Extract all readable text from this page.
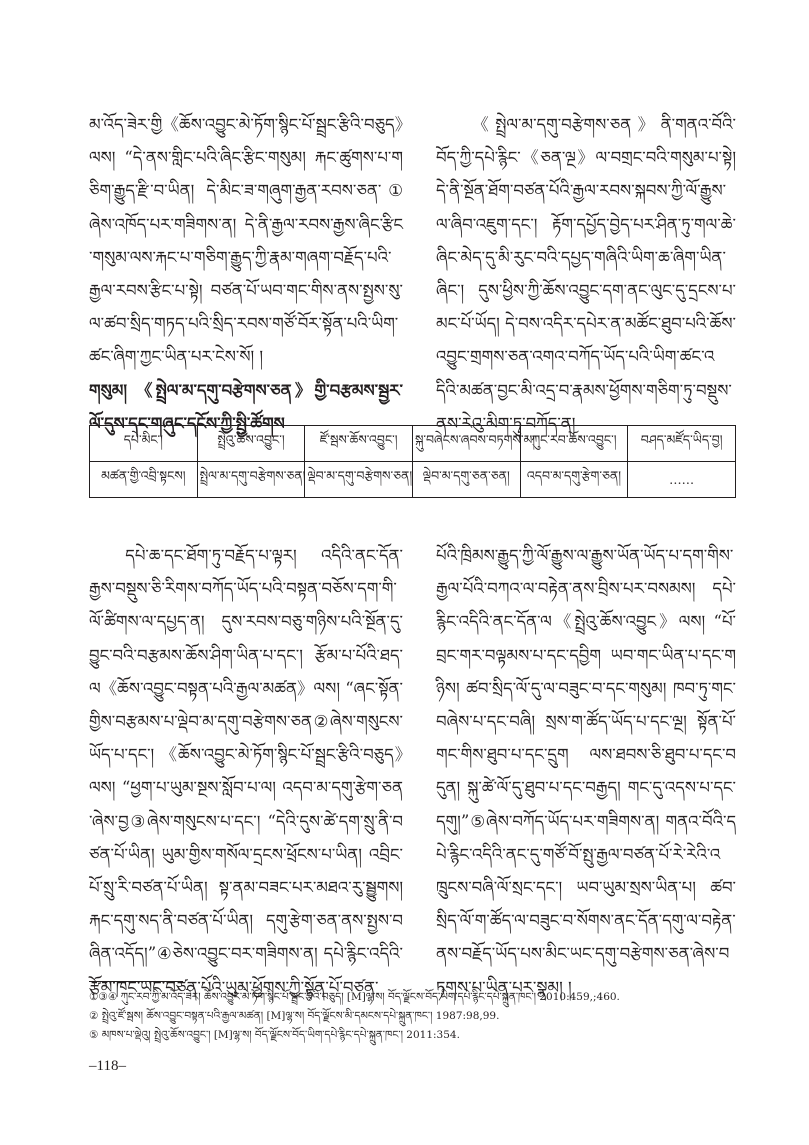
མ་འོད་ཟེར་གྱི《ཆོས་འབྱུང་མེ་ཏོག་སྙིང་པོ་སྦྲང་རྩིའི་བཅུད》ལས། “དེ་ནས་གླིང་པའི་ཞིང་རྩིང་གསུམ། རྐང་ཚུགས་པ་གཅིག་རྒྱུད་རྫི་བ་ཡིན། དེ་མིང་ཟ་གཞུག་རྒྱན་རབས་ཅན་①ཞེས་འཁོད་པར་གཟིགས་ན། དེ་ནི་རྒྱལ་རབས་རྒྱས་ཞིང་རྩིང་གསུམ་ལས་རྐང་པ་གཅིག་རྒྱུད་ཀྱི་རྣམ་གཞག་བརྗོད་པའི་རྒྱལ་རབས་རྩིང་པ་སྟེ། བཙན་པོ་ཡབ་གང་གིས་ནས་སྤྱས་སུ་ལ་ཚབ་སྲིད་གཏད་པའི་སྲིད་རབས་གཙོ་བོར་སྟོན་པའི་ཡིག་ཚང་ཞིག་ཀྱང་ཡིན་པར་ངེས་སོ། །

གསུམ། 《སྤྲེལ་མ་དགུ་བརྩེགས་ཅན》གྱི་བརྩམས་སྦྱར་ལོ་དུས་དང་གཞུང་དངོས་ཀྱི་སྤྱི་ཚོགས

《སྤྲེལ་མ་དགུ་བརྩེགས་ཅན》ནི་གནའ་བོའི་བོད་ཀྱི་དཔེ་རྙིང་《ཅན་ལྔ》ལ་བགྲང་བའི་གསུམ་པ་སྟེ། དེ་ནི་སྔོན་ཐོག་བཙན་པོའི་རྒྱལ་རབས་སྐབས་ཀྱི་ལོ་རྒྱུས་ལ་ཞིབ་འཇུག་དང་། རྟོག་དཔྱོད་བྱེད་པར་ཤིན་ཏུ་གལ་ཆེ་ཞིང་མེད་དུ་མི་རུང་བའི་དཔྱད་གཞིའི་ཡིག་ཆ་ཞིག་ཡིན་ཞིང་། དུས་ཕྱིས་ཀྱི་ཆོས་འབྱུང་དག་ནང་ལུང་དུ་དྲངས་པ་མང་པོ་ཡོད། དེ་བས་འདིར་དཔེར་ན་མཚོང་ཐུབ་པའི་ཆོས་འབྱུང་གྲགས་ཅན་འགའ་བཀོད་ཡོད་པའི་ཡིག་ཚང་འདིའི་མཚན་བྱང་མི་འདྲ་བ་རྣམས་ཕྱོགས་གཅིག་ཏུ་བསྡུས་ནས་རེའུ་མིག་ཏུ་བཀོད་ན།

དཔེ་མིང་།	སྤྲེའུ་ཆོས་འབྱུང་།	ཛོ་སྦས་ཆོས་འབྱུང་།	སྐུ་བཞེངས་ཞབས་བཏགས་མ།	ཀུང་རབ་ཆོས་འབྱུང་།	བཤད་མཛོད་ཡིད་བྱ།
མཚན་གྱི་འབྲི་སྟངས།	སྤྲེལ་མ་དགུ་བརྩེགས་ཅན།	ལྡེབ་མ་དགུ་བརྩེགས་ཅན།	ལྡེབ་མ་དགུ་ཅན་ཅན།	འདབ་མ་དགུ་རྩེག་ཅན།	……

དཔེ་ཆ་དང་ཐོག་ཏུ་བརྗོད་པ་ལྟར། འདིའི་ནང་དོན་རྒྱས་བསྡུས་ཅི་རིགས་བཀོད་ཡོད་པའི་བསྟན་བཅོས་དག་གི་ལོ་ཚིགས་ལ་དཔྱད་ན། དུས་རབས་བཅུ་གཉིས་པའི་སྔོན་དུ་བྱུང་བའི་བརྩམས་ཆོས་ཤིག་ཡིན་པ་དང་། རྩོམ་པ་པོའི་ཐད་ལ《ཆོས་འབྱུང་བསྟན་པའི་རྒྱལ་མཚན》ལས། “ཞང་སྟོན་གྱིས་བརྩམས་པ་ལྡེབ་མ་དགུ་བརྩེགས་ཅན②ཞེས་གསུངས་ཡོད་པ་དང་། 《ཆོས་འབྱུང་མེ་ཏོག་སྙིང་པོ་སྦྲང་རྩིའི་བཅུད》ལས། “ཕྱག་པ་ཡུམ་སྔས་སློབ་པ་ལ། འདབ་མ་དགུ་རྩེག་ཅན་ཞེས་བྱ③ཞེས་གསུངས་པ་དང་། “དེའི་དུས་ཚེ་དག་སྲུ་ནི་བཙན་པོ་ཡིན། ཡུམ་གྱིས་གསོལ་དྲངས་ཕྲོངས་པ་ཡིན། འབྲིང་པོ་སྲུ་རི་བཙན་པོ་ཡིན། སྟ་ནམ་བཟང་པར་མཐའ་རུ་སྦྱུགས། རྐང་དགུ་སད་ནི་བཙན་པོ་ཡིན། དགུ་རྩེག་ཅན་ནས་སྤྱས་བཞིན་འདོད།”④ཅེས་འབྱུང་བར་གཟིགས་ན། དཔེ་རྙིང་འདིའི་རྩོམ་ཁང་ཡང་བཙན་པོའི་ཡུམ་ཕྱོགས་ཀྱི་སྟོན་པོ་བཙན་

པོའི་ཁྲིམས་རྒྱུད་ཀྱི་ལོ་རྒྱུས་ལ་རྒྱུས་ཡོན་ཡོད་པ་དག་གིས་རྒྱལ་པོའི་བཀའ་ལ་བརྟེན་ནས་བྲིས་པར་བསམས། དཔེ་རྙིང་འདིའི་ནང་དོན་ལ《སྤྲེའུ་ཆོས་འབྱུང》ལས། “པོ་བྲང་གར་བལྟམས་པ་དང་དབྱིག ཡབ་གང་ཡིན་པ་དང་གཉིས། ཚབ་སྲིད་ལོ་དུ་ལ་བཟུང་བ་དང་གསུམ། ཁབ་ཏུ་གང་བཞེས་པ་དང་བཞི། སྲས་ག་ཚོད་ཡོད་པ་དང་ལྔ། སྟོན་པོ་གང་གིས་ཐུབ་པ་དང་དྲུག ལས་ཐབས་ཅི་ཐུབ་པ་དང་བདུན། སྐུ་ཚེ་ལོ་དུ་ཐུབ་པ་དང་བརྒྱད། གང་དུ་འདས་པ་དང་དགུ།”⑤ཞེས་བཀོད་ཡོད་པར་གཟིགས་ན། གནའ་བོའི་དཔེ་རྙིང་འདིའི་ནང་དུ་གཙོ་བོ་སྤུ་རྒྱལ་བཙན་པོ་རེ་རེའི་འཁྲུངས་བཞི་ལོ་སྲང་དང་། ཡབ་ཡུམ་སྲས་ཡིན་པ། ཚབ་སྲིད་ལོ་ག་ཚོད་ལ་བཟུང་བ་སོགས་ནང་དོན་དགུ་ལ་བརྟེན་ནས་བརྗོད་ཡོད་པས་མིང་ཡང་དགུ་བརྩེགས་ཅན་ཞེས་བཏགས་པ་ཡིན་པར་སྣམ། །

①③④ ཀུང་རབ་ཀྱི་མ་འོད་ཟེར། ཆོས་འབྱུང་མེ་ཏོག་སྙིང་པོ་སྦྲང་རྩིའི་བཅུད། [M]ལྷ་ས། བོད་ལྗོངས་བོད་ཡིག་དཔེ་རྙིང་དཔེ་སྐྲུན་ཁང་། 2010:459,;460.
② སྤྲེའུ་ཛོ་སྦས། ཆོས་འབྱུང་བསྟན་པའི་རྒྱལ་མཚན། [M]ལྷ་ས། བོད་ལྗོངས་མི་དམངས་དཔེ་སྐྲུན་ཁང་། 1987:98,99.
⑤ མཁས་པ་ལྡེའུ། སྤྲེའུ་ཆོས་འབྱུང་། [M]ལྷ་ས། བོད་ལྗོངས་བོད་ཡིག་དཔེ་རྙིང་དཔེ་སྐྲུན་ཁང་། 2011:354.
–118–
